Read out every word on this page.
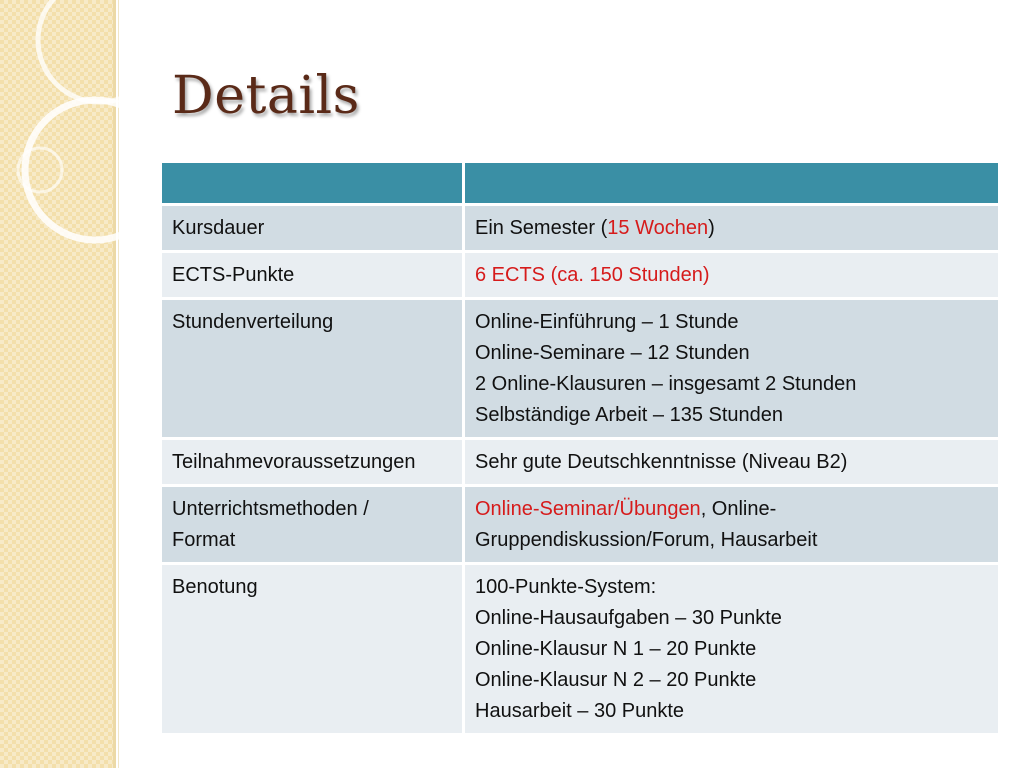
Details

Kursdauer	Ein Semester (15 Wochen)
ECTS-Punkte	6 ECTS (ca. 150 Stunden)
Stundenverteilung	Online-Einführung – 1 Stunde
Online-Seminare – 12 Stunden
2 Online-Klausuren – insgesamt 2 Stunden
Selbständige Arbeit – 135 Stunden

Teilnahmevoraussetzungen	Sehr gute Deutschkenntnisse (Niveau B2)

Unterrichtsmethoden /
Format	Online-Seminar/Übungen, Online-
Gruppendiskussion/Forum, Hausarbeit

Benotung	100-Punkte-System:
Online-Hausaufgaben – 30 Punkte
Online-Klausur N 1 – 20 Punkte
Online-Klausur N 2 – 20 Punkte
Hausarbeit – 30 Punkte
